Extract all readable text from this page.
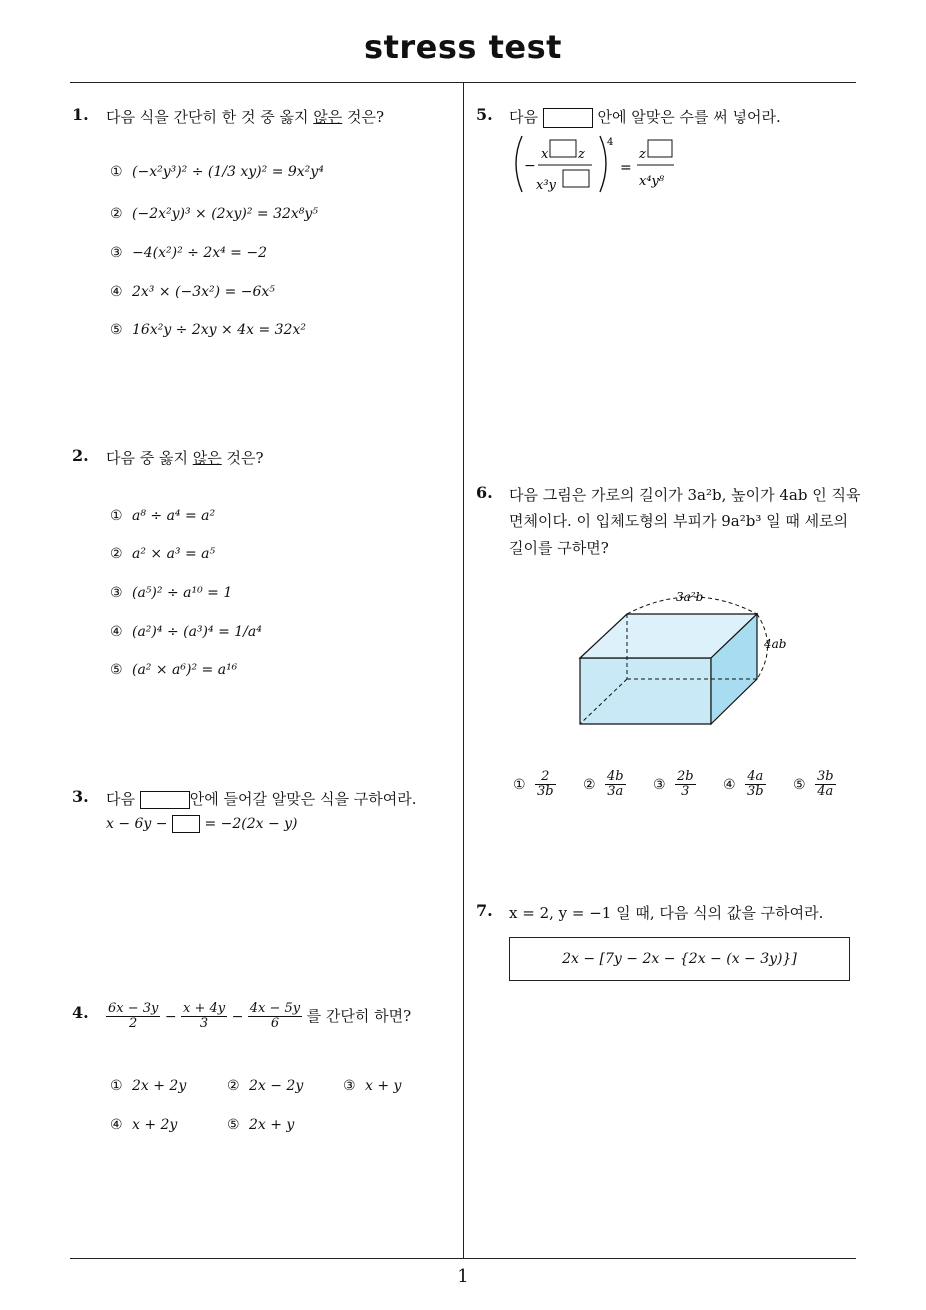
stress test
1
1. 다음 식을 간단히 한 것 중 옳지 않은 것은?
① (−x²y³)² ÷ (1/3 xy)² = 9x²y⁴
② (−2x²y)³ × (2xy)² = 32x⁸y⁵
③ −4(x²)² ÷ 2x⁴ = −2
④ 2x³ × (−3x²) = −6x⁵
⑤ 16x²y ÷ 2xy × 4x = 32x²
2. 다음 중 옳지 않은 것은?
① a⁸ ÷ a⁴ = a²
② a² × a³ = a⁵
③ (a⁵)² ÷ a¹⁰ = 1
④ (a²)⁴ ÷ (a³)⁴ = 1/a⁴
⑤ (a² × a⁶)² = a¹⁶
3. 다음	안에 들어갈 알맞은 식을 구하여라.
x − 6y −	= −2(2x − y)
4. $\frac{6x - 3y}{2} - \frac{x + 4y}{3} - \frac{4x - 5y}{6}$ 를 간단히 하면?
① 2x + 2y	② 2x − 2y	③ x + y
④ x + 2y	⑤ 2x + y
5. 다음	안에 알맞은 수를 써 넣어라.
−
x z
x³y
4
=
z
x⁴y⁸
6. 다음 그림은 가로의 길이가 3a²b, 높이가 4ab 인 직육
면체이다. 이 입체도형의 부피가 9a²b³ 일 때 세로의
길이를 구하면?
3a²b
4ab
① $\frac{2}{3b}$ ② $\frac{4b}{3a}$ ③ $\frac{2b}{3}$ ④ $\frac{4a}{3b}$ ⑤ $\frac{3b}{4a}$
7. x = 2, y = −1 일 때, 다음 식의 값을 구하여라.
2x − [7y − 2x − {2x − (x − 3y)}]
